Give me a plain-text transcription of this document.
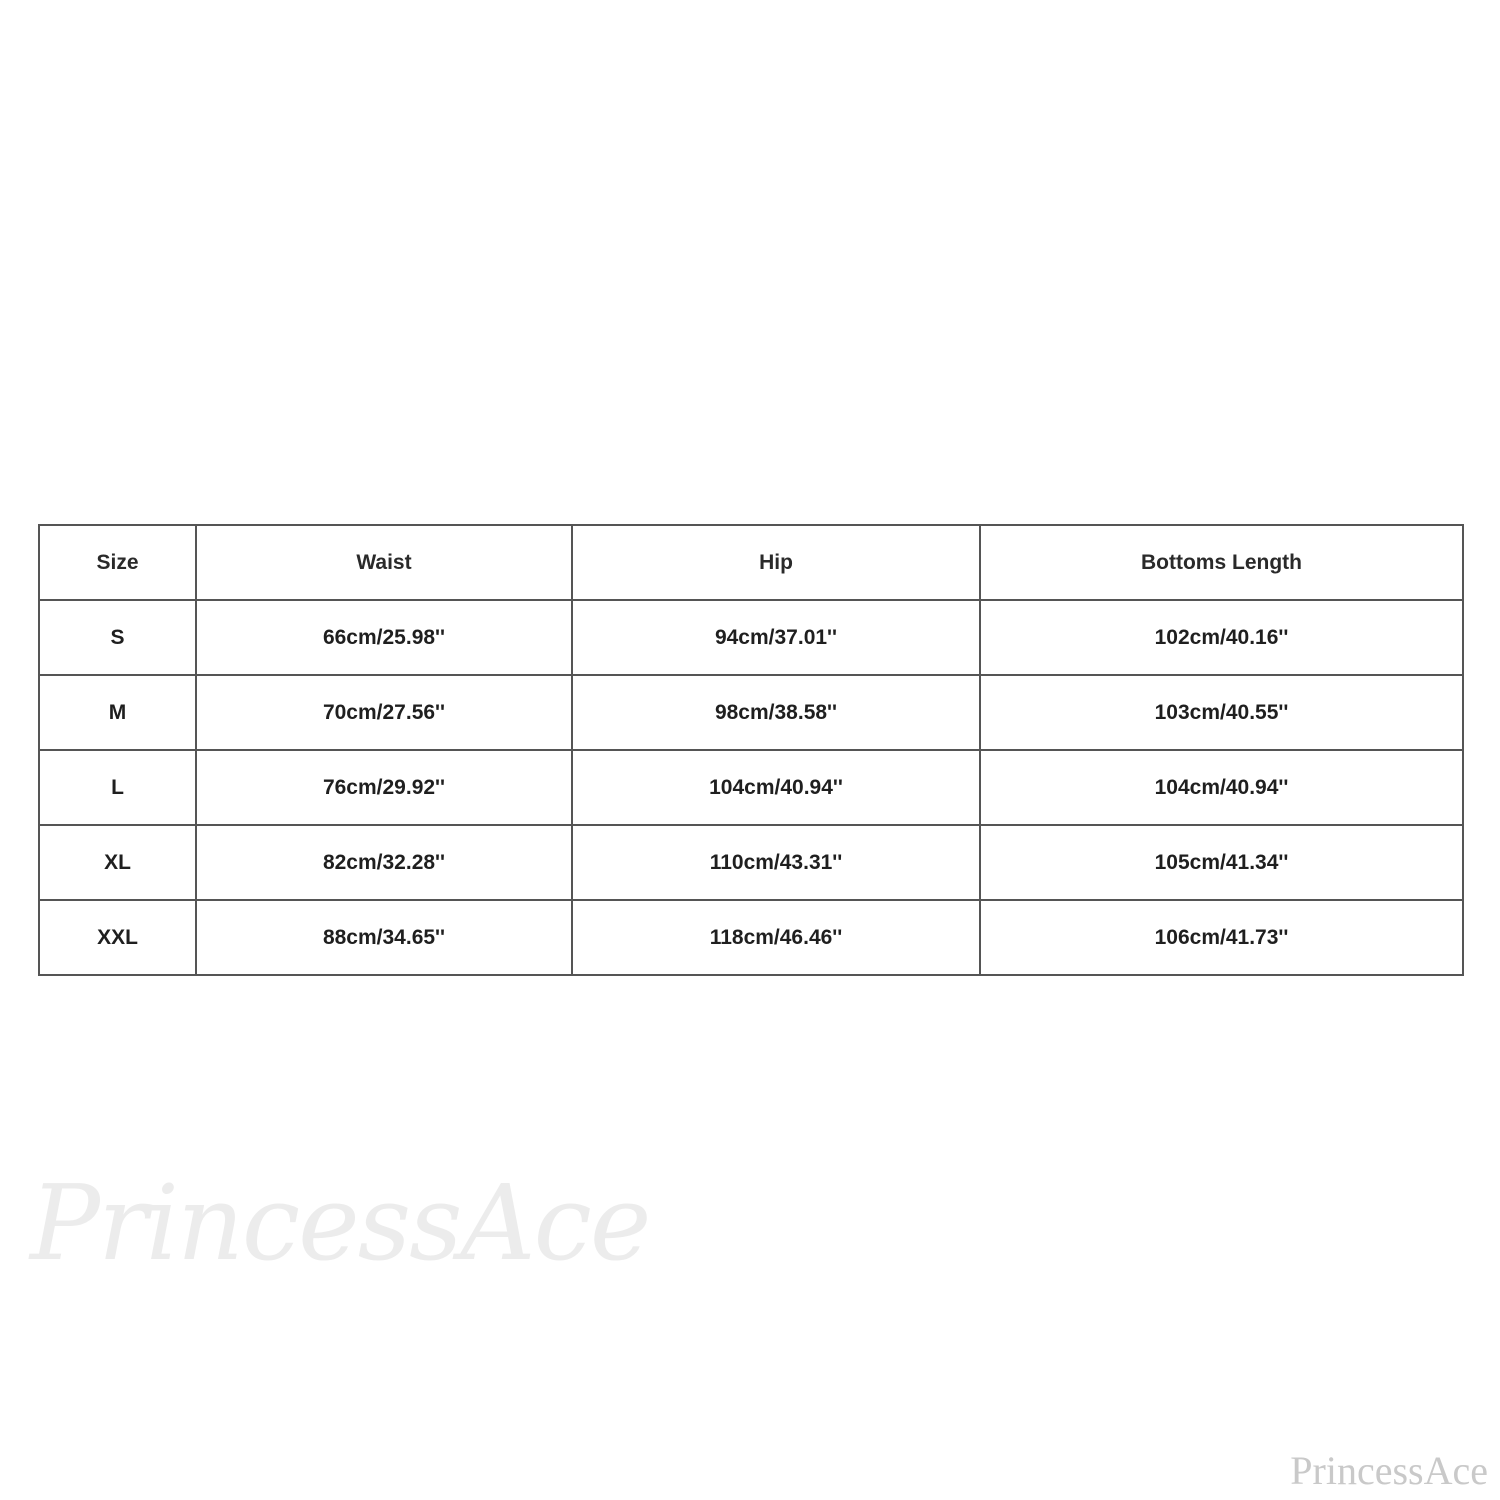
Size	Waist	Hip	Bottoms Length
S	66cm/25.98''	94cm/37.01''	102cm/40.16''
M	70cm/27.56''	98cm/38.58''	103cm/40.55''
L	76cm/29.92''	104cm/40.94''	104cm/40.94''
XL	82cm/32.28''	110cm/43.31''	105cm/41.34''
XXL	88cm/34.65''	118cm/46.46''	106cm/41.73''
PrincessAce
PrincessAce
